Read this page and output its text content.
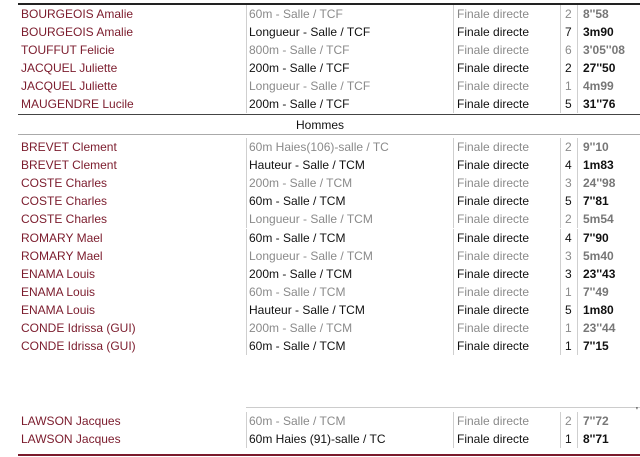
BOURGEOIS Amalie	60m - Salle / TCF	Finale directe	2 8''58
BOURGEOIS Amalie	Longueur - Salle / TCF	Finale directe	7 3m90
TOUFFUT Felicie	800m - Salle / TCF	Finale directe	6 3'05''08
JACQUEL Juliette	200m - Salle / TCF	Finale directe	2 27''50
JACQUEL Juliette	Longueur - Salle / TCF	Finale directe	1 4m99
MAUGENDRE Lucile	200m - Salle / TCF	Finale directe	5 31''76
Hommes
BREVET Clement	60m Haies(106)-salle / TC	Finale directe	2 9''10
BREVET Clement	Hauteur - Salle / TCM	Finale directe	4 1m83
COSTE Charles	200m - Salle / TCM	Finale directe	3 24''98
COSTE Charles	60m - Salle / TCM	Finale directe	5 7''81
COSTE Charles	Longueur - Salle / TCM	Finale directe	2 5m54
ROMARY Mael	60m - Salle / TCM	Finale directe	4 7''90
ROMARY Mael	Longueur - Salle / TCM	Finale directe	3 5m40
ENAMA Louis	200m - Salle / TCM	Finale directe	3 23''43
ENAMA Louis	60m - Salle / TCM	Finale directe	1 7''49
ENAMA Louis	Hauteur - Salle / TCM	Finale directe	5 1m80
CONDE Idrissa (GUI)	200m - Salle / TCM	Finale directe	1 23''44
CONDE Idrissa (GUI)	60m - Salle / TCM	Finale directe	1 7''15
LAWSON Jacques	60m - Salle / TCM	Finale directe	2 7''72
LAWSON Jacques	60m Haies (91)-salle / TC	Finale directe	1 8''71
'
